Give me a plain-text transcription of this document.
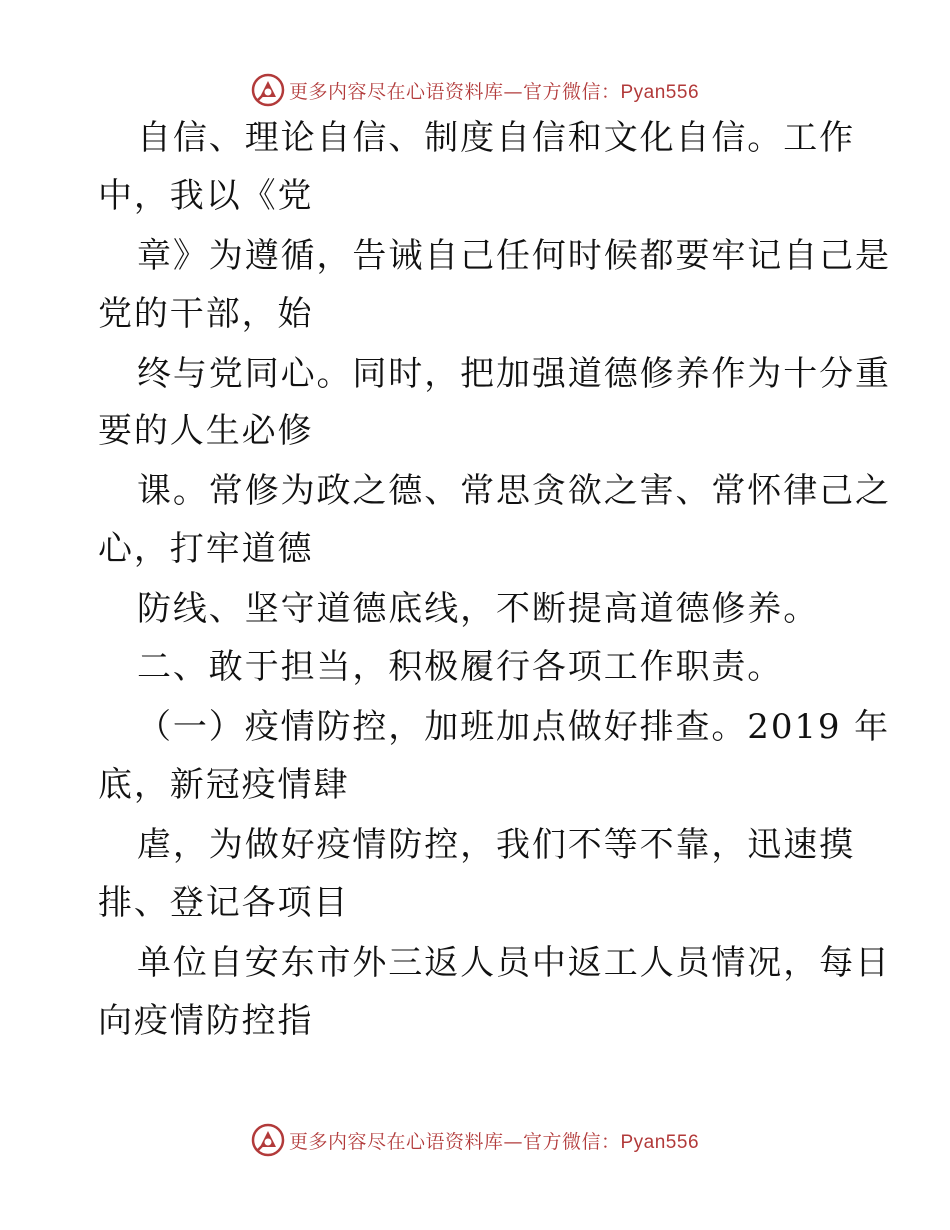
更多内容尽在心语资料库—官方微信：Pyan556
自信、理论自信、制度自信和文化自信。工作
中，我以《党
章》为遵循，告诫自己任何时候都要牢记自己是
党的干部，始
终与党同心。同时，把加强道德修养作为十分重
要的人生必修
课。常修为政之德、常思贪欲之害、常怀律己之
心，打牢道德
防线、坚守道德底线，不断提高道德修养。
二、敢于担当，积极履行各项工作职责。
（一）疫情防控，加班加点做好排查。2019 年
底，新冠疫情肆
虐，为做好疫情防控，我们不等不靠，迅速摸
排、登记各项目
单位自安东市外三返人员中返工人员情况，每日
向疫情防控指
更多内容尽在心语资料库—官方微信：Pyan556
